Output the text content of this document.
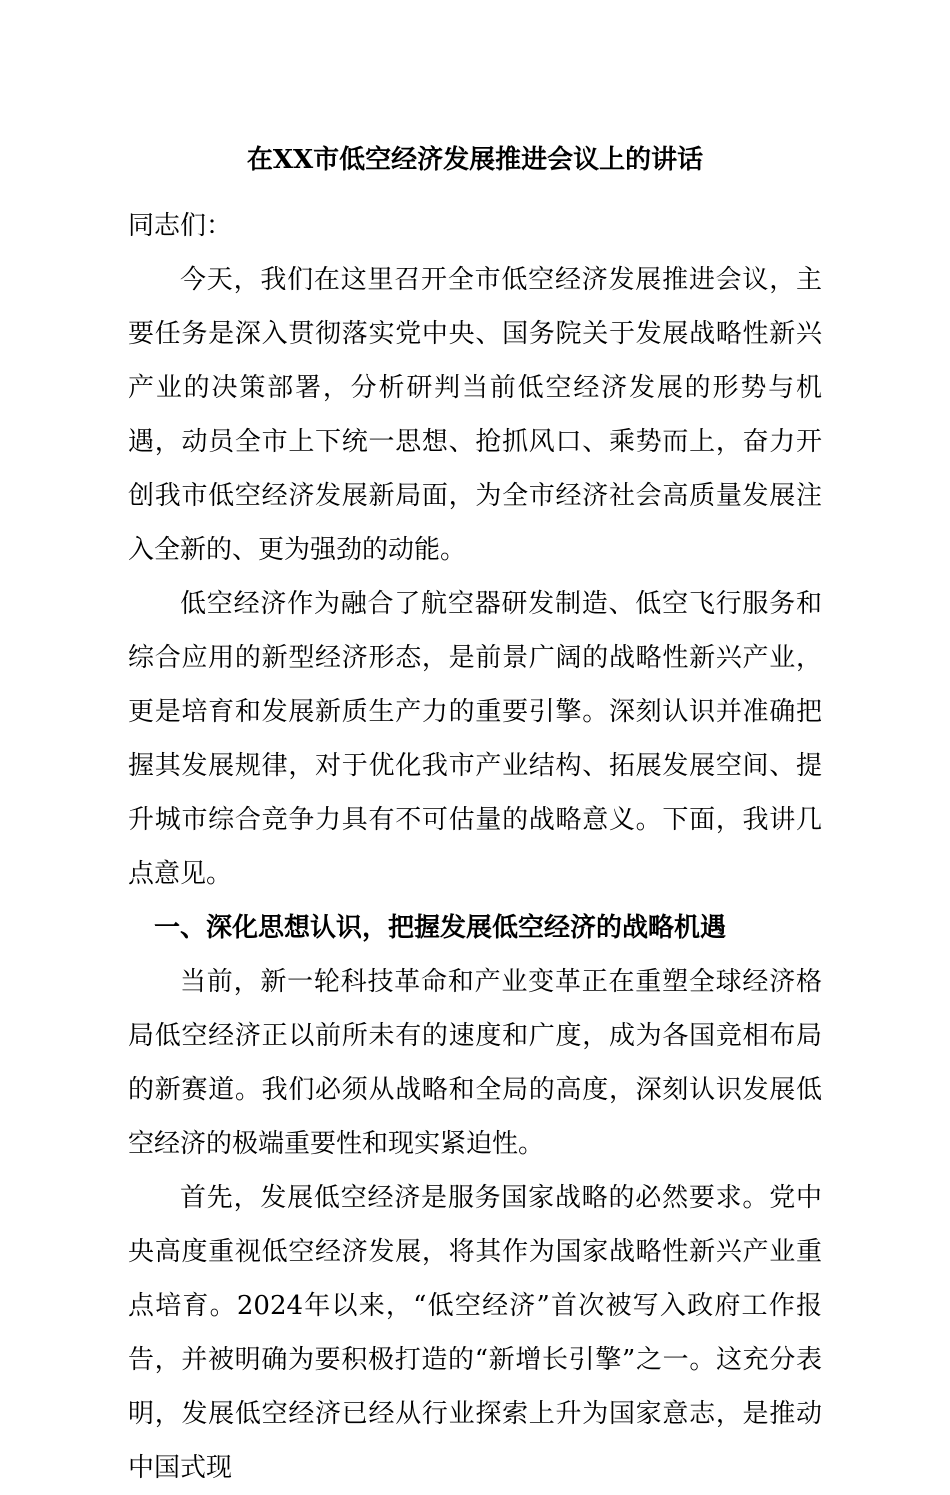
在XX市低空经济发展推进会议上的讲话

同志们：

今天，我们在这里召开全市低空经济发展推进会议，主要任务是深入贯彻落实党中央、国务院关于发展战略性新兴产业的决策部署，分析研判当前低空经济发展的形势与机遇，动员全市上下统一思想、抢抓风口、乘势而上，奋力开创我市低空经济发展新局面，为全市经济社会高质量发展注入全新的、更为强劲的动能。

低空经济作为融合了航空器研发制造、低空飞行服务和综合应用的新型经济形态，是前景广阔的战略性新兴产业，更是培育和发展新质生产力的重要引擎。深刻认识并准确把握其发展规律，对于优化我市产业结构、拓展发展空间、提升城市综合竞争力具有不可估量的战略意义。下面，我讲几点意见。

一、深化思想认识，把握发展低空经济的战略机遇

当前，新一轮科技革命和产业变革正在重塑全球经济格局低空经济正以前所未有的速度和广度，成为各国竞相布局的新赛道。我们必须从战略和全局的高度，深刻认识发展低空经济的极端重要性和现实紧迫性。

首先，发展低空经济是服务国家战略的必然要求。党中央高度重视低空经济发展，将其作为国家战略性新兴产业重点培育。2024年以来，“低空经济”首次被写入政府工作报告，并被明确为要积极打造的“新增长引擎”之一。这充分表明，发展低空经济已经从行业探索上升为国家意志，是推动中国式现
